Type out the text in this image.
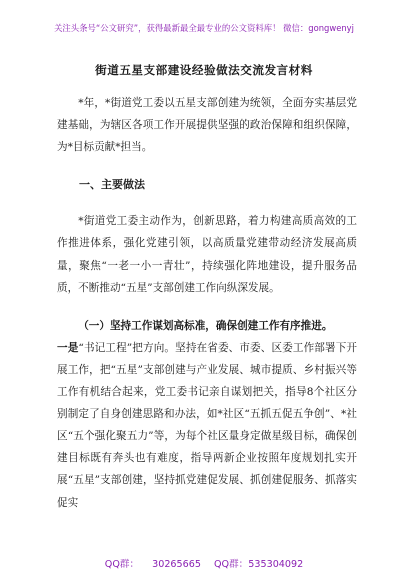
关注头条号“公文研究”，获得最新最全最专业的公文资料库！ 微信：gongwenyj
街道五星支部建设经验做法交流发言材料

*年，*街道党工委以五星支部创建为统领，全面夯实基层党建基础，为辖区各项工作开展提供坚强的政治保障和组织保障，为*目标贡献*担当。

一、主要做法

*街道党工委主动作为，创新思路，着力构建高质高效的工作推进体系，强化党建引领，以高质量党建带动经济发展高质量，聚焦“一老一小一青壮”，持续强化阵地建设，提升服务品质，不断推动“五星”支部创建工作向纵深发展。

（一）坚持工作谋划高标准，确保创建工作有序推进。

一是“书记工程”把方向。坚持在省委、市委、区委工作部署下开展工作，把“五星”支部创建与产业发展、城市提质、乡村振兴等工作有机结合起来，党工委书记亲自谋划把关，指导8个社区分别制定了自身创建思路和办法，如*社区“五抓五促五争创”、*社区“五个强化聚五力”等，为每个社区量身定做星级目标，确保创建目标既有奔头也有难度，指导两新企业按照年度规划扎实开展“五星”支部创建，坚持抓党建促发展、抓创建促服务、抓落实促实

QQ群： 30265665 QQ群：535304092
